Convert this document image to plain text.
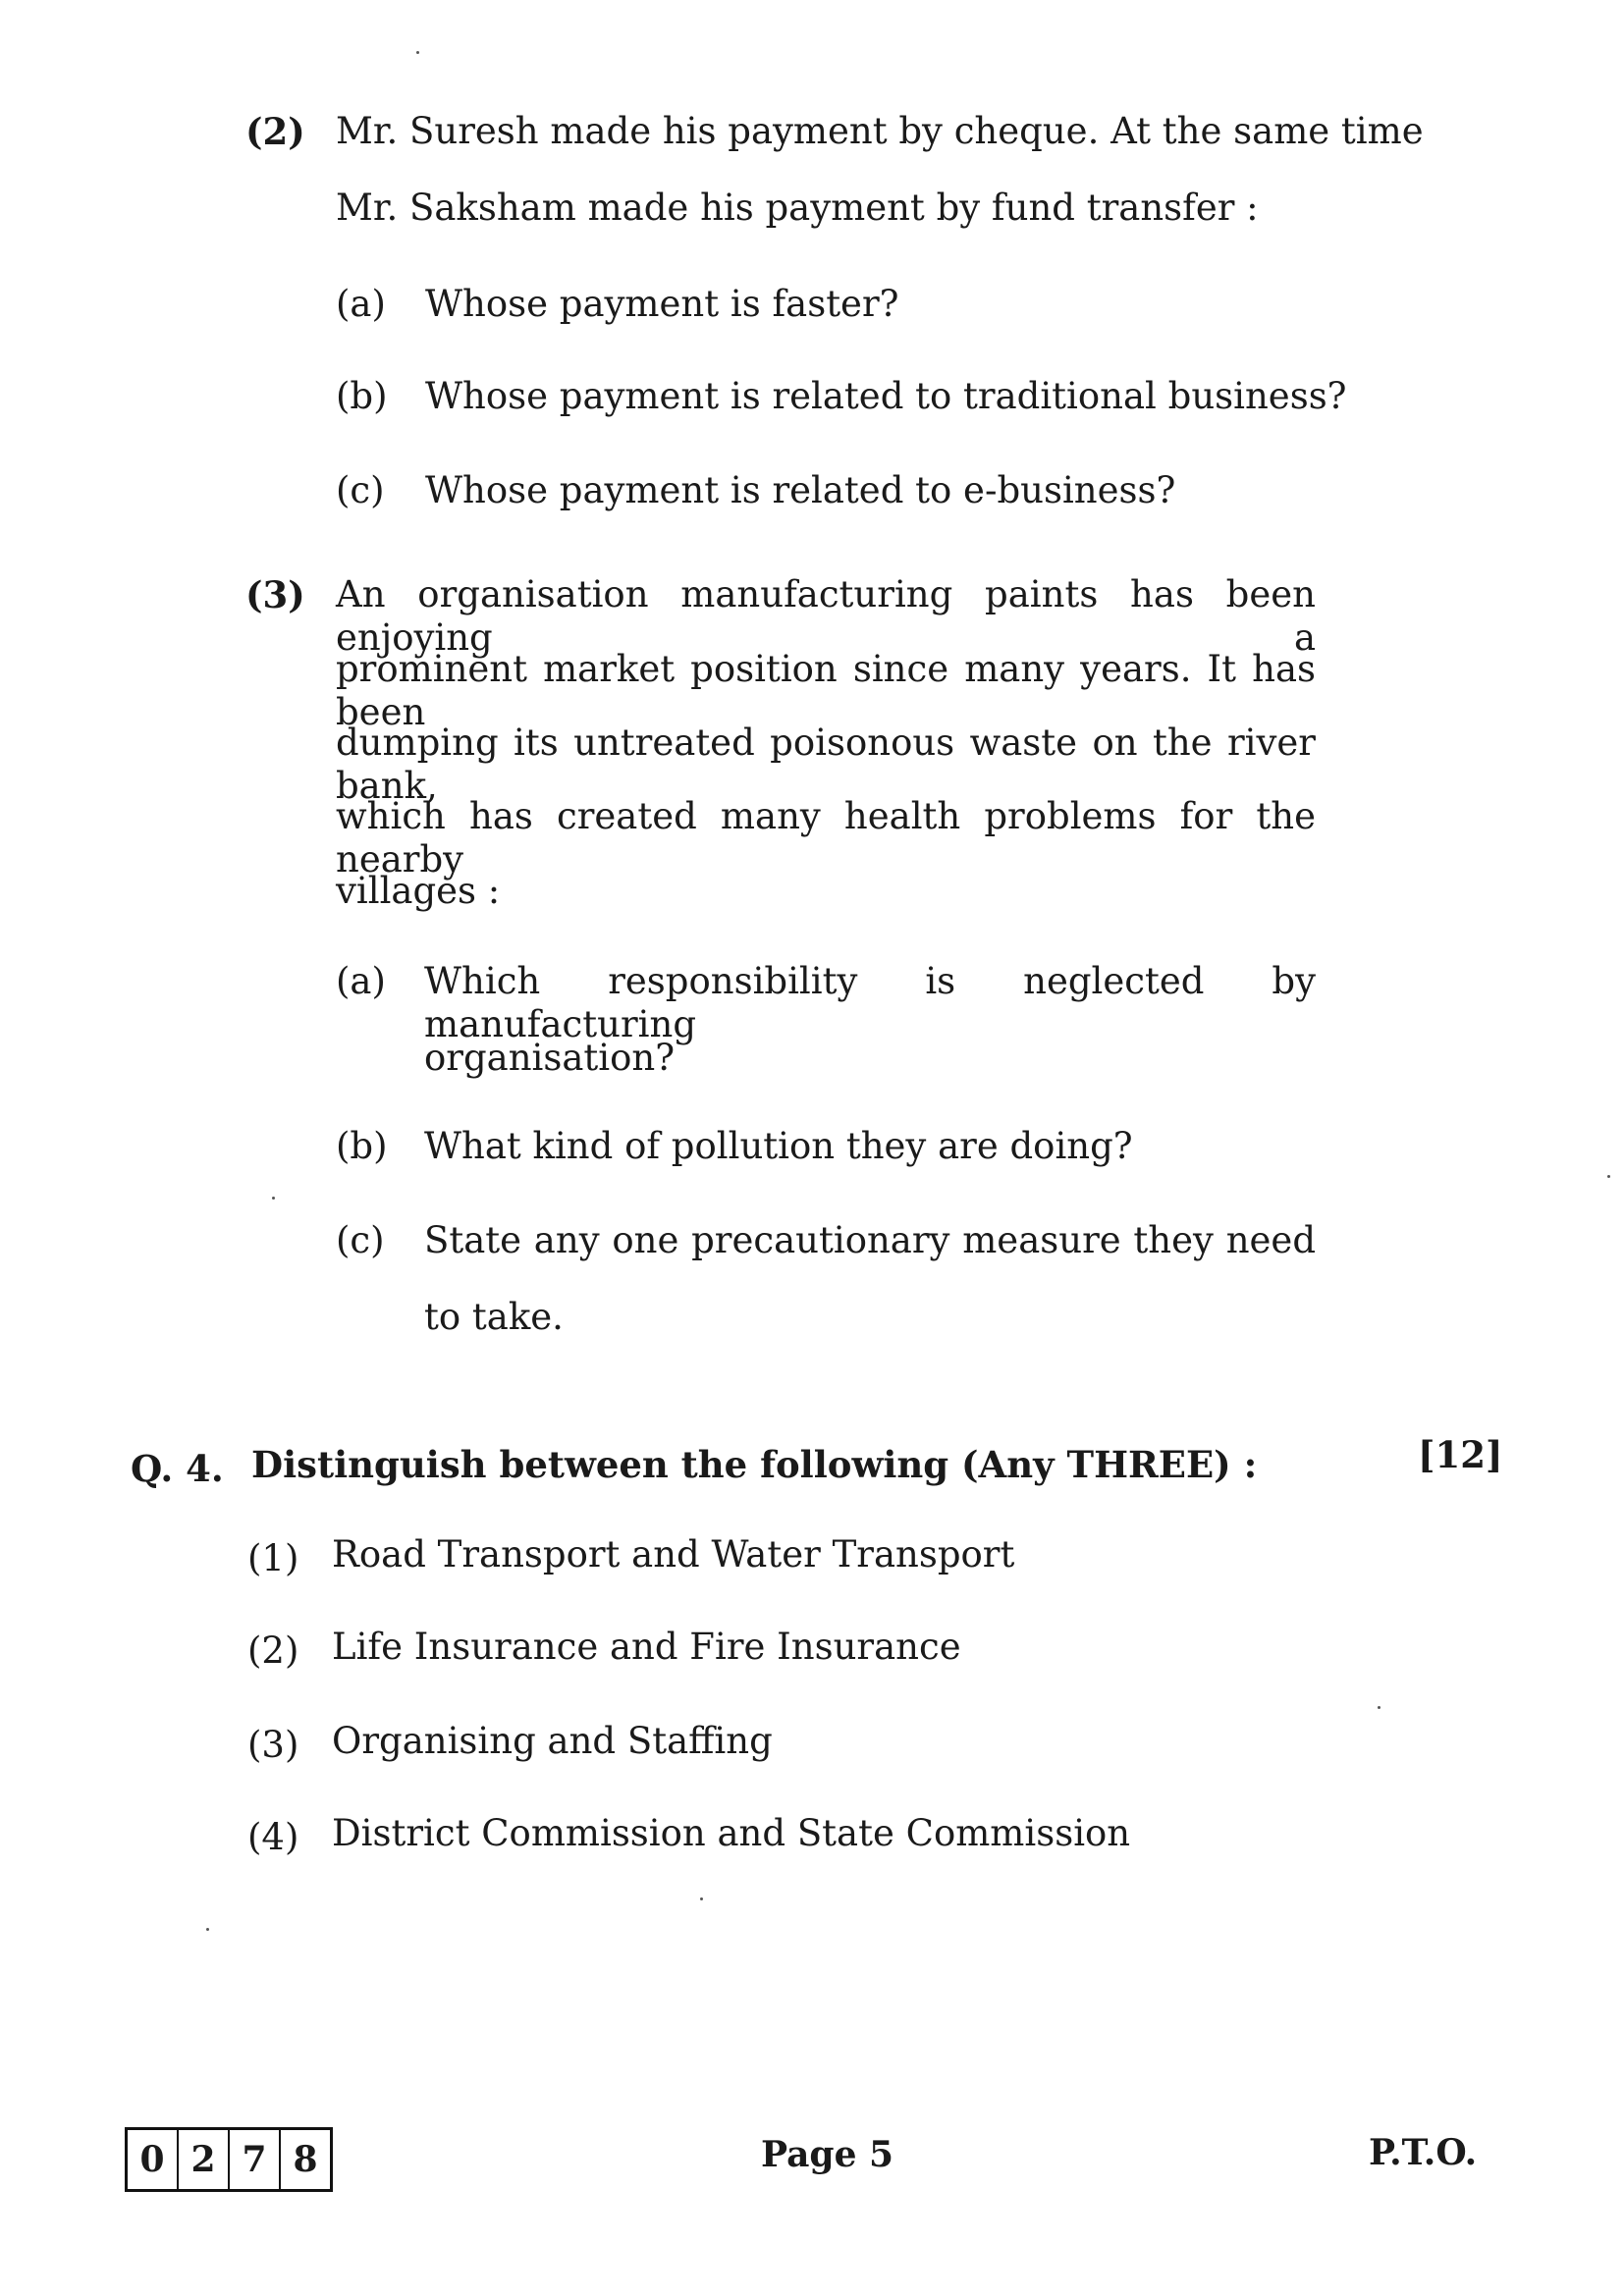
(2) Mr. Suresh made his payment by cheque. At the same time
Mr. Saksham made his payment by fund transfer :
(a) Whose payment is faster?
(b) Whose payment is related to traditional business?
(c) Whose payment is related to e-business?
(3) An organisation manufacturing paints has been enjoying a
prominent market position since many years. It has been
dumping its untreated poisonous waste on the river bank,
which has created many health problems for the nearby
villages :
(a) Which responsibility is neglected by manufacturing
organisation?
(b) What kind of pollution they are doing?
(c) State any one precautionary measure they need
to take.
Q. 4. Distinguish between the following (Any THREE) :	[12]
(1) Road Transport and Water Transport
(2) Life Insurance and Fire Insurance
(3) Organising and Staffing
(4) District Commission and State Commission
0 2 7 8	Page 5	P.T.O.
